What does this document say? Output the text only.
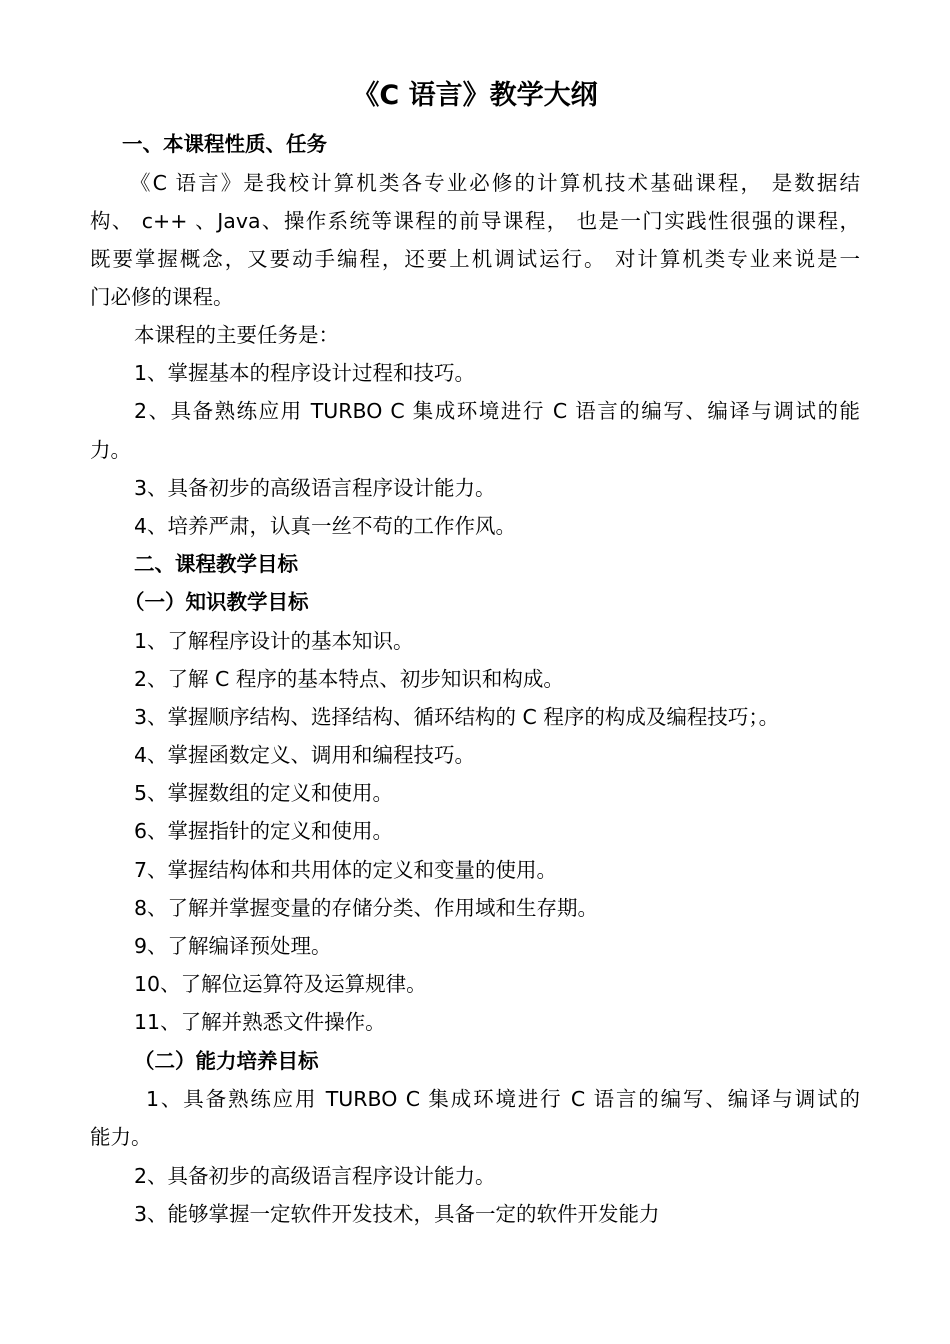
《C 语言》教学大纲
一、本课程性质、任务
《C 语言》是我校计算机类各专业必修的计算机技术基础课程， 是数据结
构、 c++ 、Java、操作系统等课程的前导课程， 也是一门实践性很强的课程，
既要掌握概念，又要动手编程，还要上机调试运行。 对计算机类专业来说是一
门必修的课程。
本课程的主要任务是：
1、掌握基本的程序设计过程和技巧。
2、具备熟练应用 TURBO C 集成环境进行 C 语言的编写、编译与调试的能
力。
3、具备初步的高级语言程序设计能力。
4、培养严肃，认真一丝不苟的工作作风。
二、课程教学目标
（一）知识教学目标
1、了解程序设计的基本知识。
2、了解 C 程序的基本特点、初步知识和构成。
3、掌握顺序结构、选择结构、循环结构的 C 程序的构成及编程技巧；。
4、掌握函数定义、调用和编程技巧。
5、掌握数组的定义和使用。
6、掌握指针的定义和使用。
7、掌握结构体和共用体的定义和变量的使用。
8、了解并掌握变量的存储分类、作用域和生存期。
9、了解编译预处理。
10、了解位运算符及运算规律。
11、了解并熟悉文件操作。
（二）能力培养目标
1、具备熟练应用 TURBO C 集成环境进行 C 语言的编写、编译与调试的
能力。
2、具备初步的高级语言程序设计能力。
3、能够掌握一定软件开发技术，具备一定的软件开发能力
